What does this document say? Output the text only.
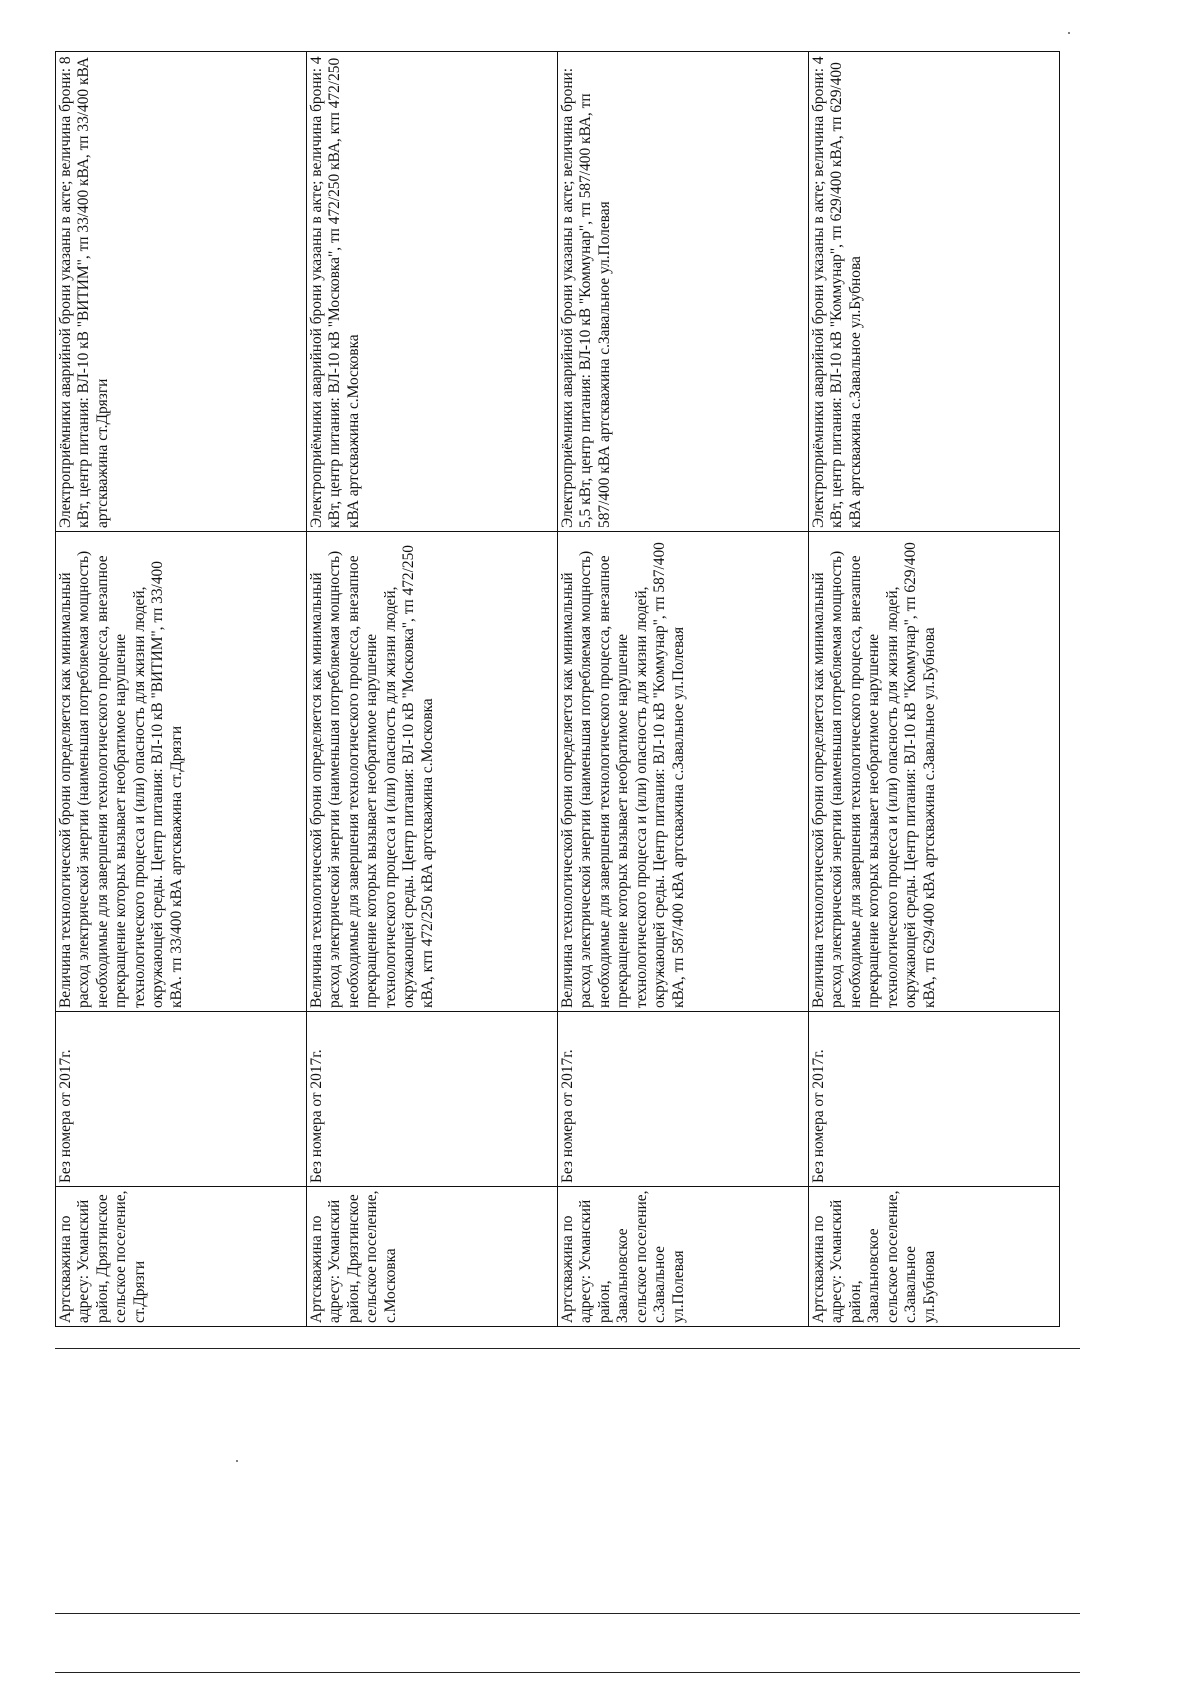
Артскважина по адресу: Усманский район, Дрязгинское сельское поселение, ст.Дрязги	Без номера от 2017г.	Величина технологической брони определяется как минимальный расход электрической энергии (наименьшая потребляемая мощность) необходимые для завершения технологического процесса, внезапное прекращение которых вызывает необратимое нарушение технологического процесса и (или) опасность для жизни людей, окружающей среды. Центр питания: ВЛ-10 кВ "ВИТИМ", тп 33/400 кВА. тп 33/400 кВА артскважина ст.Дрязги	Электроприёмники аварийной брони указаны в акте; величина брони: 8 кВт, центр питания: ВЛ-10 кВ "ВИТИМ", тп 33/400 кВА, тп 33/400 кВА артскважина ст.Дрязги
Артскважина по адресу: Усманский район, Дрязгинское сельское поселение, с.Московка	Без номера от 2017г.	Величина технологической брони определяется как минимальный расход электрической энергии (наименьшая потребляемая мощность) необходимые для завершения технологического процесса, внезапное прекращение которых вызывает необратимое нарушение технологического процесса и (или) опасность для жизни людей, окружающей среды. Центр питания: ВЛ-10 кВ "Московка", тп 472/250 кВА, ктп 472/250 кВА артскважина с.Московка	Электроприёмники аварийной брони указаны в акте; величина брони: 4 кВт, центр питания: ВЛ-10 кВ "Московка", тп 472/250 кВА, ктп 472/250 кВА артскважина с.Московка
Артскважина по адресу: Усманский район, Завальновское сельское поселение, с.Завальное ул.Полевая	Без номера от 2017г.	Величина технологической брони определяется как минимальный расход электрической энергии (наименьшая потребляемая мощность) необходимые для завершения технологического процесса, внезапное прекращение которых вызывает необратимое нарушение технологического процесса и (или) опасность для жизни людей, окружающей среды. Центр питания: ВЛ-10 кВ "Коммунар", тп 587/400 кВА, тп 587/400 кВА артскважина с.Завальное ул.Полевая	Электроприёмники аварийной брони указаны в акте; величина брони: 5,5 кВт, центр питания: ВЛ-10 кВ "Коммунар", тп 587/400 кВА, тп 587/400 кВА артскважина с.Завальное ул.Полевая
Артскважина по адресу: Усманский район, Завальновское сельское поселение, с.Завальное ул.Бубнова	Без номера от 2017г.	Величина технологической брони определяется как минимальный расход электрической энергии (наименьшая потребляемая мощность) необходимые для завершения технологического процесса, внезапное прекращение которых вызывает необратимое нарушение технологического процесса и (или) опасность для жизни людей, окружающей среды. Центр питания: ВЛ-10 кВ "Коммунар", тп 629/400 кВА, тп 629/400 кВА артскважина с.Завальное ул.Бубнова	Электроприёмники аварийной брони указаны в акте; величина брони: 4 кВт, центр питания: ВЛ-10 кВ "Коммунар", тп 629/400 кВА, тп 629/400 кВА артскважина с.Завальное ул.Бубнова
